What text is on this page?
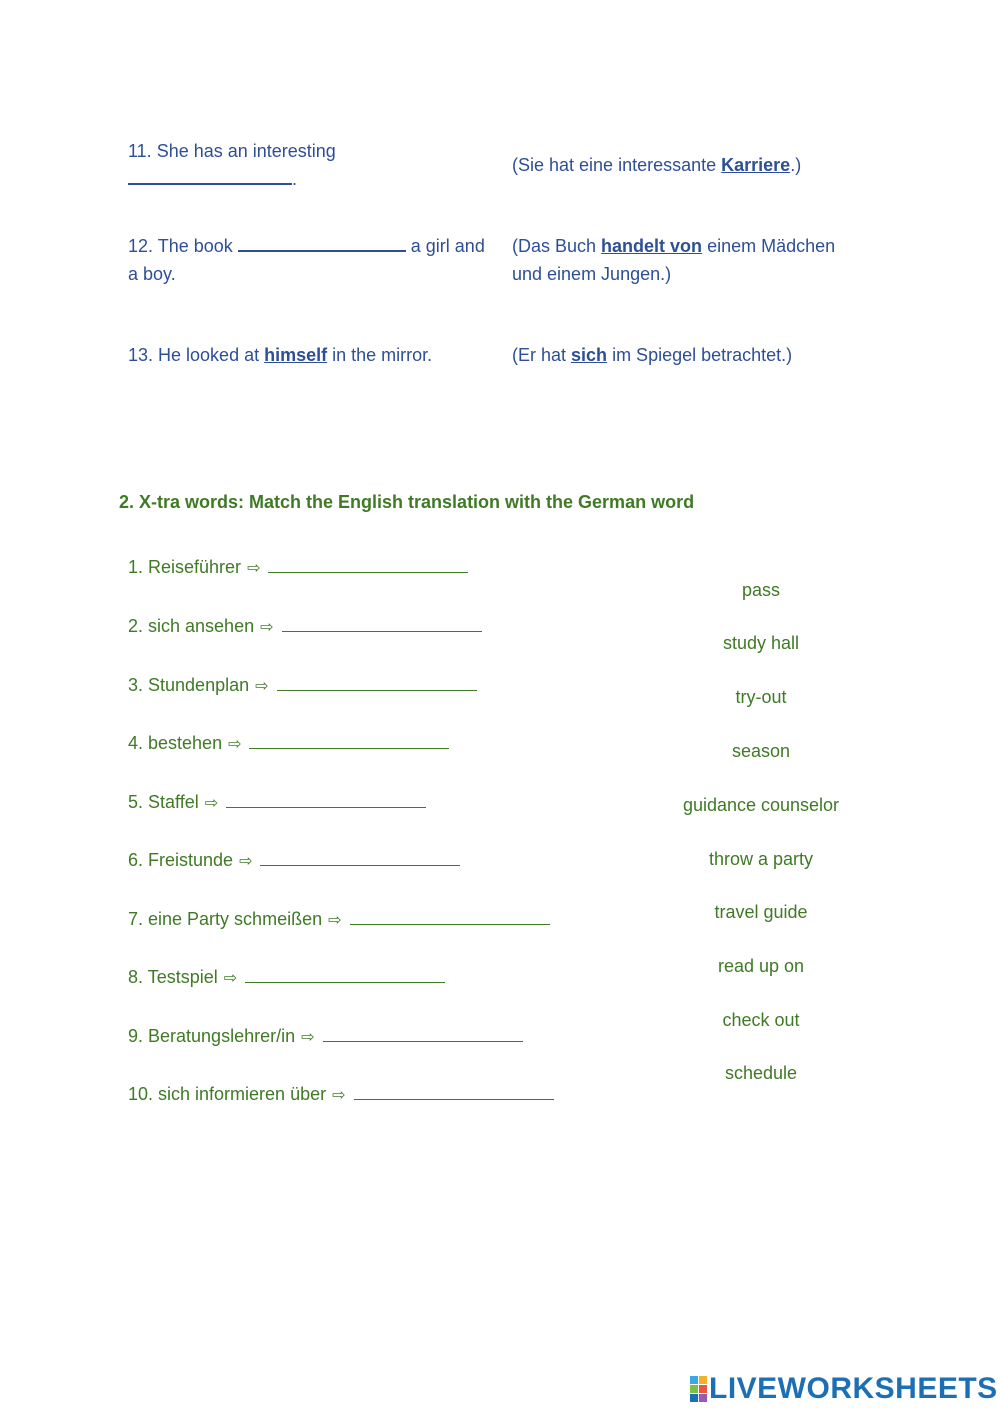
11. She has an interesting
.
(Sie hat eine interessante Karriere.)
12. The book	a girl and a boy.
(Das Buch handelt von einem Mädchen und einem Jungen.)
13. He looked at himself in the mirror.	(Er hat sich im Spiegel betrachtet.)
2. X-tra words: Match the English translation with the German word
1. Reiseführer ⇨
2. sich ansehen ⇨
3. Stundenplan ⇨
4. bestehen ⇨
5. Staffel ⇨
6. Freistunde ⇨
7. eine Party schmeißen ⇨
8. Testspiel ⇨
9. Beratungslehrer/in ⇨
10. sich informieren über ⇨
pass
study hall
try-out
season
guidance counselor
throw a party
travel guide
read up on
check out
schedule
LIVEWORKSHEETS
